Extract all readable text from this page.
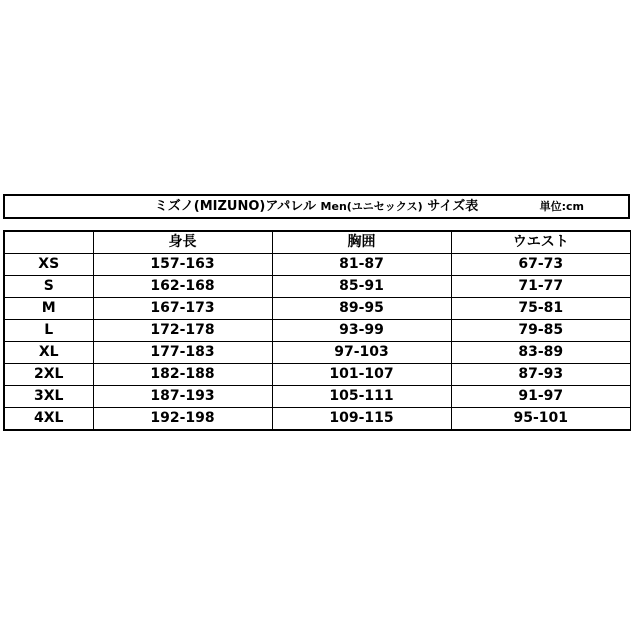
ミズノ(MIZUNO)アパレル Men(ユニセックス) サイズ表	単位:cm
	身長	胸囲	ウエスト
XS	157-163	81-87	67-73
S	162-168	85-91	71-77
M	167-173	89-95	75-81
L	172-178	93-99	79-85
XL	177-183	97-103	83-89
2XL	182-188	101-107	87-93
3XL	187-193	105-111	91-97
4XL	192-198	109-115	95-101
